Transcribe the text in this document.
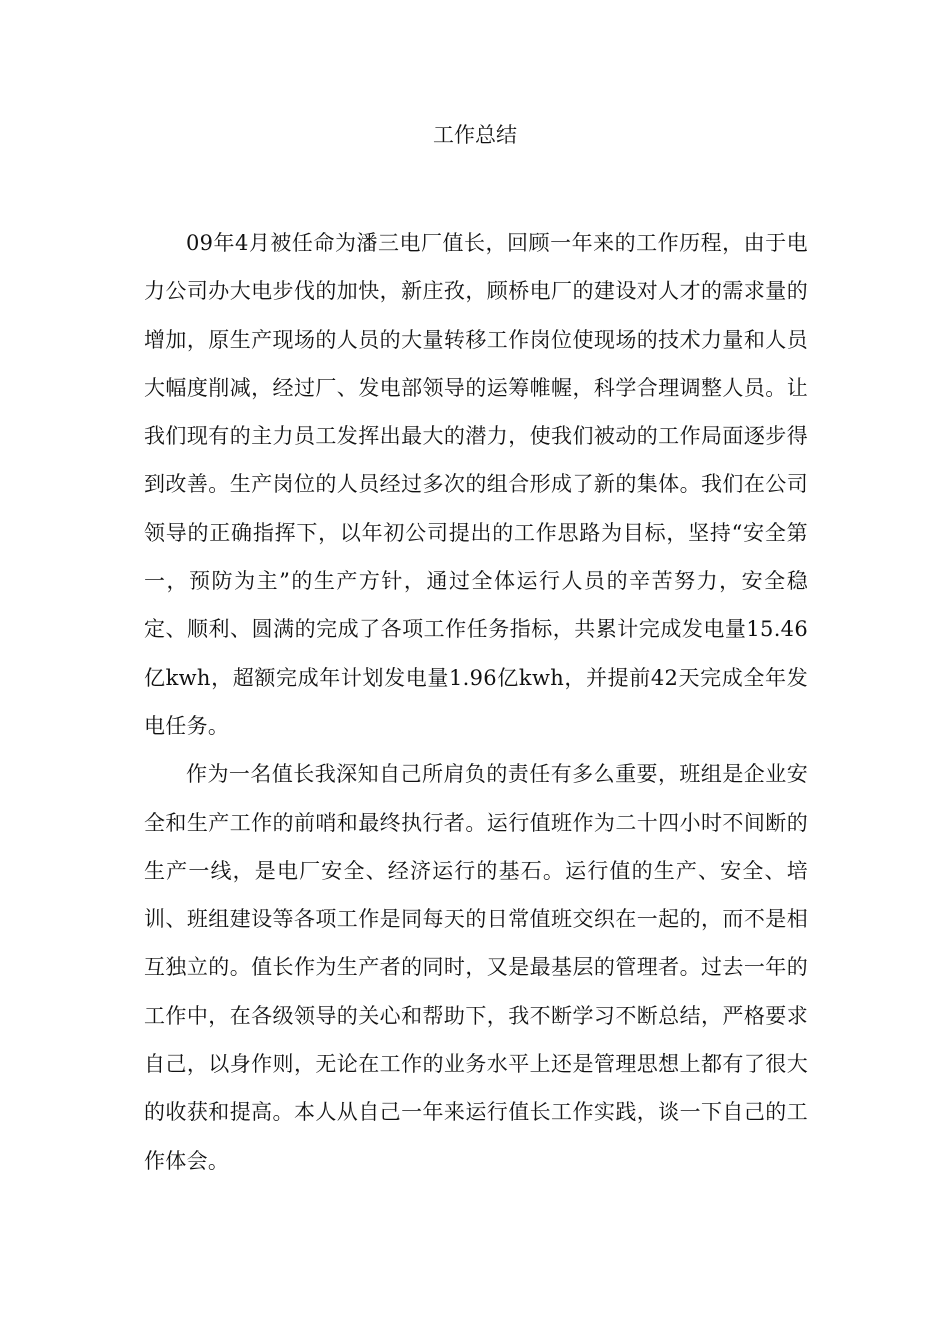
工作总结

09年4月被任命为潘三电厂值长，回顾一年来的工作历程，由于电力公司办大电步伐的加快，新庄孜，顾桥电厂的建设对人才的需求量的增加，原生产现场的人员的大量转移工作岗位使现场的技术力量和人员大幅度削减，经过厂、发电部领导的运筹帷幄，科学合理调整人员。让我们现有的主力员工发挥出最大的潜力，使我们被动的工作局面逐步得到改善。生产岗位的人员经过多次的组合形成了新的集体。我们在公司领导的正确指挥下，以年初公司提出的工作思路为目标，坚持“安全第一，预防为主”的生产方针，通过全体运行人员的辛苦努力，安全稳定、顺利、圆满的完成了各项工作任务指标，共累计完成发电量15.46亿kwh，超额完成年计划发电量1.96亿kwh，并提前42天完成全年发电任务。

作为一名值长我深知自己所肩负的责任有多么重要，班组是企业安全和生产工作的前哨和最终执行者。运行值班作为二十四小时不间断的生产一线，是电厂安全、经济运行的基石。运行值的生产、安全、培训、班组建设等各项工作是同每天的日常值班交织在一起的，而不是相互独立的。值长作为生产者的同时，又是最基层的管理者。过去一年的工作中，在各级领导的关心和帮助下，我不断学习不断总结，严格要求自己，以身作则，无论在工作的业务水平上还是管理思想上都有了很大的收获和提高。本人从自己一年来运行值长工作实践，谈一下自己的工作体会。
